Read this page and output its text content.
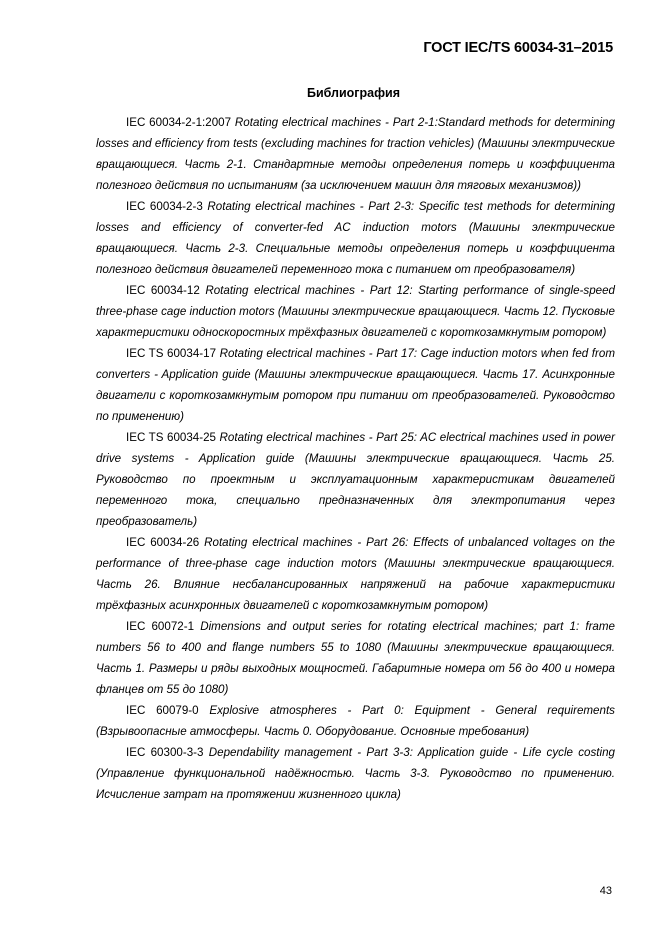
ГОСТ IEC/TS 60034-31–2015
Библиография

IEC 60034-2-1:2007 Rotating electrical machines - Part 2-1:Standard methods for determining losses and efficiency from tests (excluding machines for traction vehicles) (Машины электрические вращающиеся. Часть 2-1. Стандартные методы определения потерь и коэффициента полезного действия по испытаниям (за исключением машин для тяговых механизмов))

IEC 60034-2-3 Rotating electrical machines - Part 2-3: Specific test methods for determining losses and efficiency of converter-fed AC induction motors (Машины электрические вращающиеся. Часть 2-3. Специальные методы определения потерь и коэффициента полезного действия двигателей переменного тока с питанием от преобразователя)

IEC 60034-12 Rotating electrical machines - Part 12: Starting performance of single-speed three-phase cage induction motors (Машины электрические вращающиеся. Часть 12. Пусковые характеристики односкоростных трёхфазных двигателей с короткозамкнутым ротором)

IEC TS 60034-17 Rotating electrical machines - Part 17: Cage induction motors when fed from converters - Application guide (Машины электрические вращающиеся. Часть 17. Асинхронные двигатели с короткозамкнутым ротором при питании от преобразователей. Руководство по применению)

IEC TS 60034-25 Rotating electrical machines - Part 25: AC electrical machines used in power drive systems - Application guide (Машины электрические вращающиеся. Часть 25. Руководство по проектным и эксплуатационным характеристикам двигателей переменного тока, специально предназначенных для электропитания через преобразователь)

IEC 60034-26 Rotating electrical machines - Part 26: Effects of unbalanced voltages on the performance of three-phase cage induction motors (Машины электрические вращающиеся. Часть 26. Влияние несбалансированных напряжений на рабочие характеристики трёхфазных асинхронных двигателей с короткозамкнутым ротором)

IEC 60072-1 Dimensions and output series for rotating electrical machines; part 1: frame numbers 56 to 400 and flange numbers 55 to 1080 (Машины электрические вращающиеся. Часть 1. Размеры и ряды выходных мощностей. Габаритные номера от 56 до 400 и номера фланцев от 55 до 1080)

IEC 60079-0 Explosive atmospheres - Part 0: Equipment - General requirements (Взрывоопасные атмосферы. Часть 0. Оборудование. Основные требования)

IEC 60300-3-3 Dependability management - Part 3-3: Application guide - Life cycle costing (Управление функциональной надёжностью. Часть 3-3. Руководство по применению. Исчисление затрат на протяжении жизненного цикла)

43
